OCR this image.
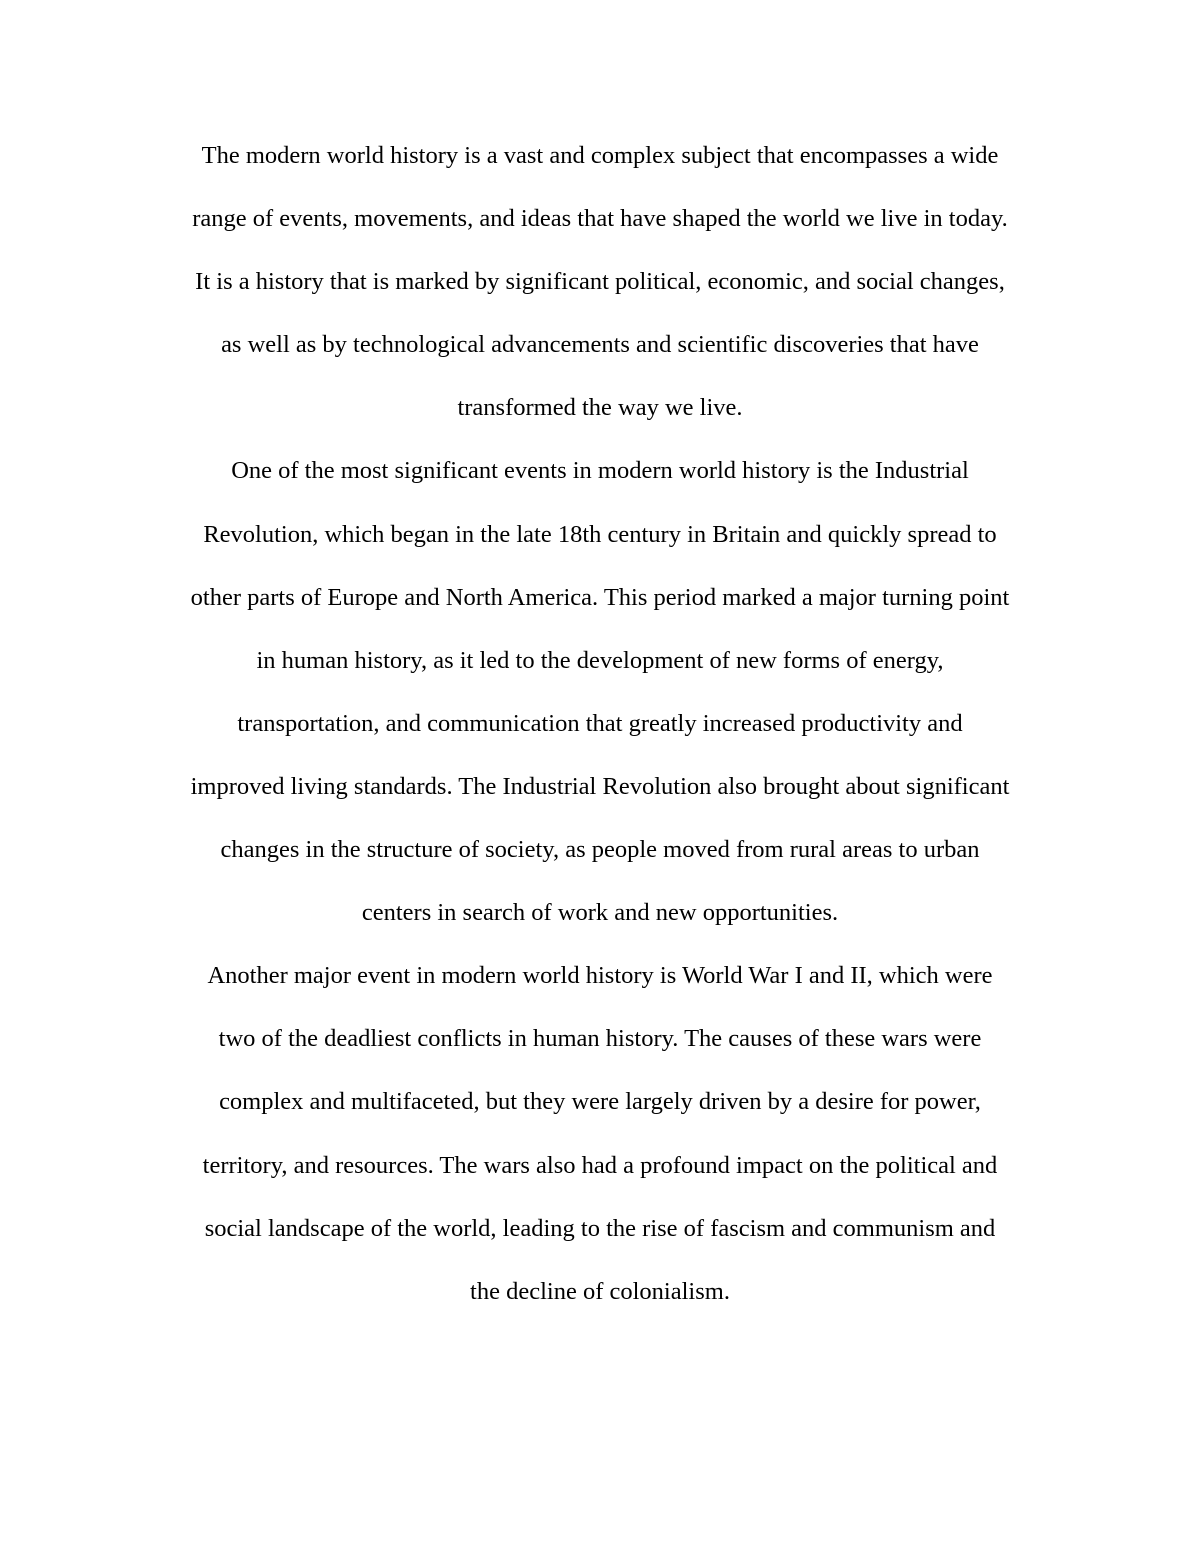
The modern world history is a vast and complex subject that encompasses a wide
range of events, movements, and ideas that have shaped the world we live in today.
It is a history that is marked by significant political, economic, and social changes,
as well as by technological advancements and scientific discoveries that have
transformed the way we live.

One of the most significant events in modern world history is the Industrial
Revolution, which began in the late 18th century in Britain and quickly spread to
other parts of Europe and North America. This period marked a major turning point
in human history, as it led to the development of new forms of energy,
transportation, and communication that greatly increased productivity and
improved living standards. The Industrial Revolution also brought about significant
changes in the structure of society, as people moved from rural areas to urban
centers in search of work and new opportunities.

Another major event in modern world history is World War I and II, which were
two of the deadliest conflicts in human history. The causes of these wars were
complex and multifaceted, but they were largely driven by a desire for power,
territory, and resources. The wars also had a profound impact on the political and
social landscape of the world, leading to the rise of fascism and communism and
the decline of colonialism.
